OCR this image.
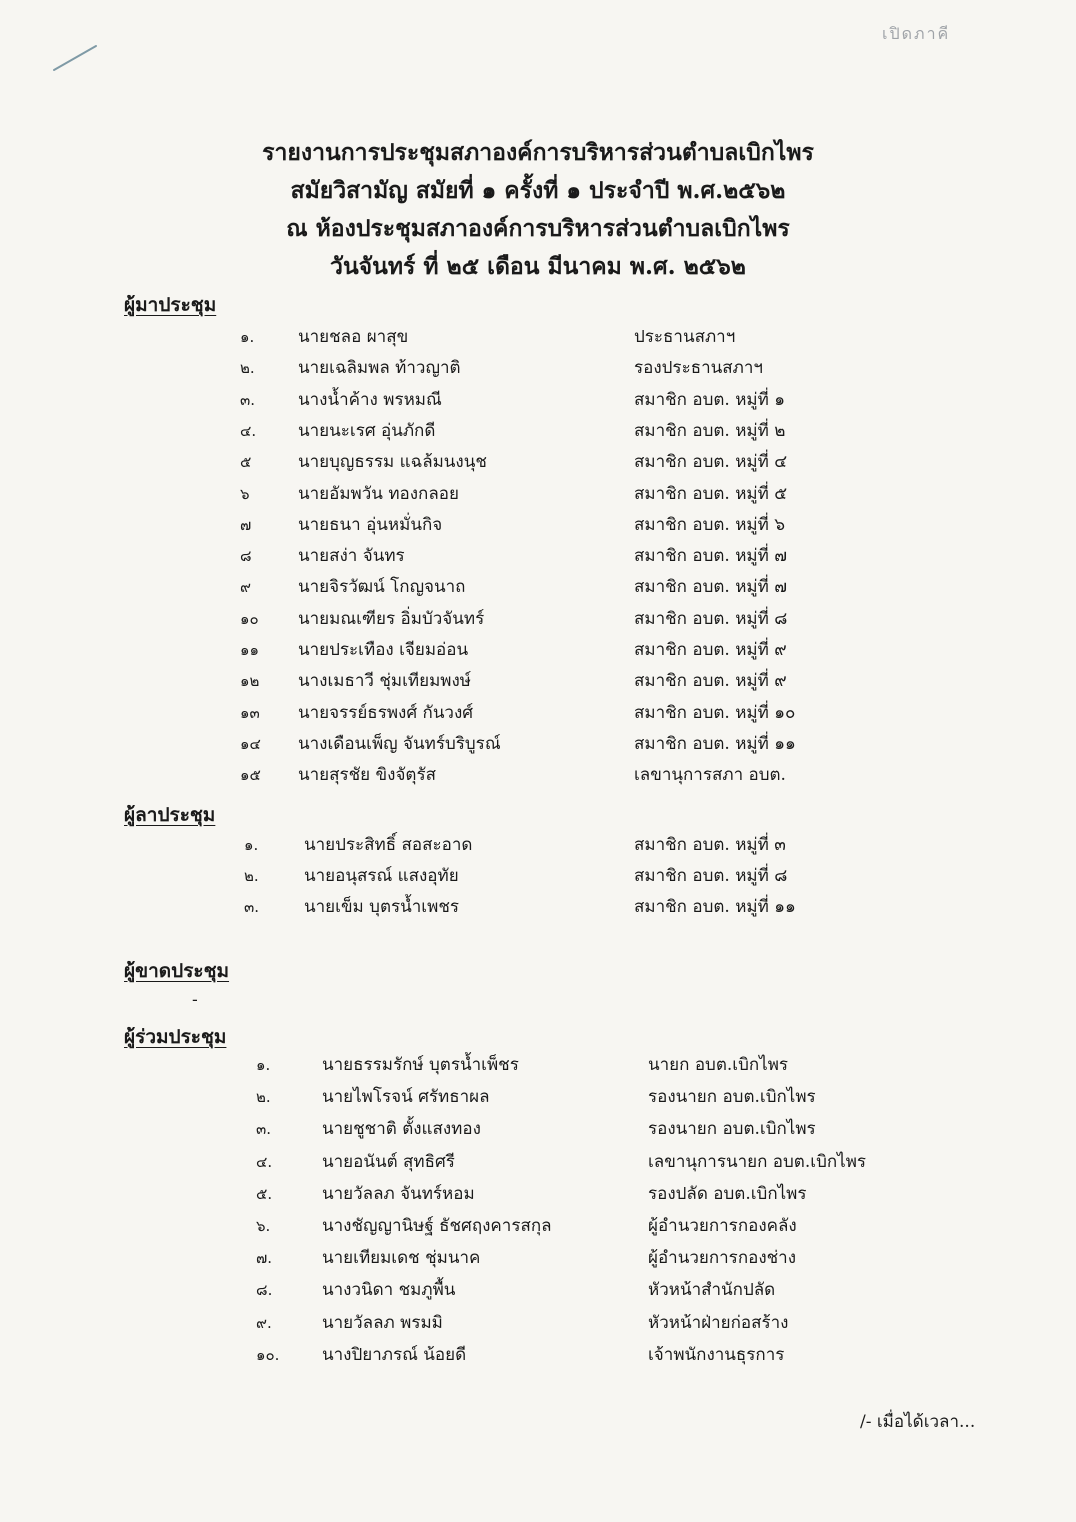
เปิดภาคี
รายงานการประชุมสภาองค์การบริหารส่วนตำบลเบิกไพร
สมัยวิสามัญ สมัยที่ ๑ ครั้งที่ ๑ ประจำปี พ.ศ.๒๕๖๒
ณ ห้องประชุมสภาองค์การบริหารส่วนตำบลเบิกไพร
วันจันทร์ ที่ ๒๕ เดือน มีนาคม พ.ศ. ๒๕๖๒
ผู้มาประชุม
๑.	นายชลอ ผาสุข	ประธานสภาฯ
๒.	นายเฉลิมพล ท้าวญาติ	รองประธานสภาฯ
๓.	นางน้ำค้าง พรหมณี	สมาชิก อบต. หมู่ที่ ๑
๔. นายนะเรศ อุ่นภักดี	สมาชิก อบต. หมู่ที่ ๒
๕	นายบุญธรรม แฉล้มนงนุช	สมาชิก อบต. หมู่ที่ ๔
๖	นายอัมพวัน ทองกลอย	สมาชิก อบต. หมู่ที่ ๕
๗	นายธนา อุ่นหมั่นกิจ	สมาชิก อบต. หมู่ที่ ๖
๘	นายสง่า จันทร	สมาชิก อบต. หมู่ที่ ๗
๙	นายจิรวัฒน์ โกญจนาถ	สมาชิก อบต. หมู่ที่ ๗
๑๐ นายมณเฑียร อิ่มบัวจันทร์	สมาชิก อบต. หมู่ที่ ๘
๑๑ นายประเทือง เจียมอ่อน	สมาชิก อบต. หมู่ที่ ๙
๑๒ นางเมธาวี ชุ่มเทียมพงษ์	สมาชิก อบต. หมู่ที่ ๙
๑๓ นายจรรย์ธรพงศ์ กันวงศ์	สมาชิก อบต. หมู่ที่ ๑๐
๑๔ นางเดือนเพ็ญ จันทร์บริบูรณ์	สมาชิก อบต. หมู่ที่ ๑๑
๑๕ นายสุรชัย ขิงจัตุรัส	เลขานุการสภา อบต.
ผู้ลาประชุม
๑.	นายประสิทธิ์ สอสะอาด	สมาชิก อบต. หมู่ที่ ๓
๒.	นายอนุสรณ์ แสงอุทัย	สมาชิก อบต. หมู่ที่ ๘
๓.	นายเข็ม บุตรน้ำเพชร	สมาชิก อบต. หมู่ที่ ๑๑
ผู้ขาดประชุม
-
ผู้ร่วมประชุม
๑.	นายธรรมรักษ์ บุตรน้ำเพ็ชร	นายก อบต.เบิกไพร
๒.	นายไพโรจน์ ศรัทธาผล	รองนายก อบต.เบิกไพร
๓.	นายชูชาติ ตั้งแสงทอง	รองนายก อบต.เบิกไพร
๔.	นายอนันต์ สุทธิศรี	เลขานุการนายก อบต.เบิกไพร
๕.	นายวัลลภ จันทร์หอม	รองปลัด อบต.เบิกไพร
๖.	นางชัญญานิษฐ์ ธัชศฤงคารสกุล	ผู้อำนวยการกองคลัง
๗.	นายเทียมเดช ชุ่มนาค	ผู้อำนวยการกองช่าง
๘.	นางวนิดา ชมภูพื้น	หัวหน้าสำนักปลัด
๙.	นายวัลลภ พรมมิ	หัวหน้าฝ่ายก่อสร้าง
๑๐.	นางปิยาภรณ์ น้อยดี	เจ้าพนักงานธุรการ
/- เมื่อได้เวลา...
